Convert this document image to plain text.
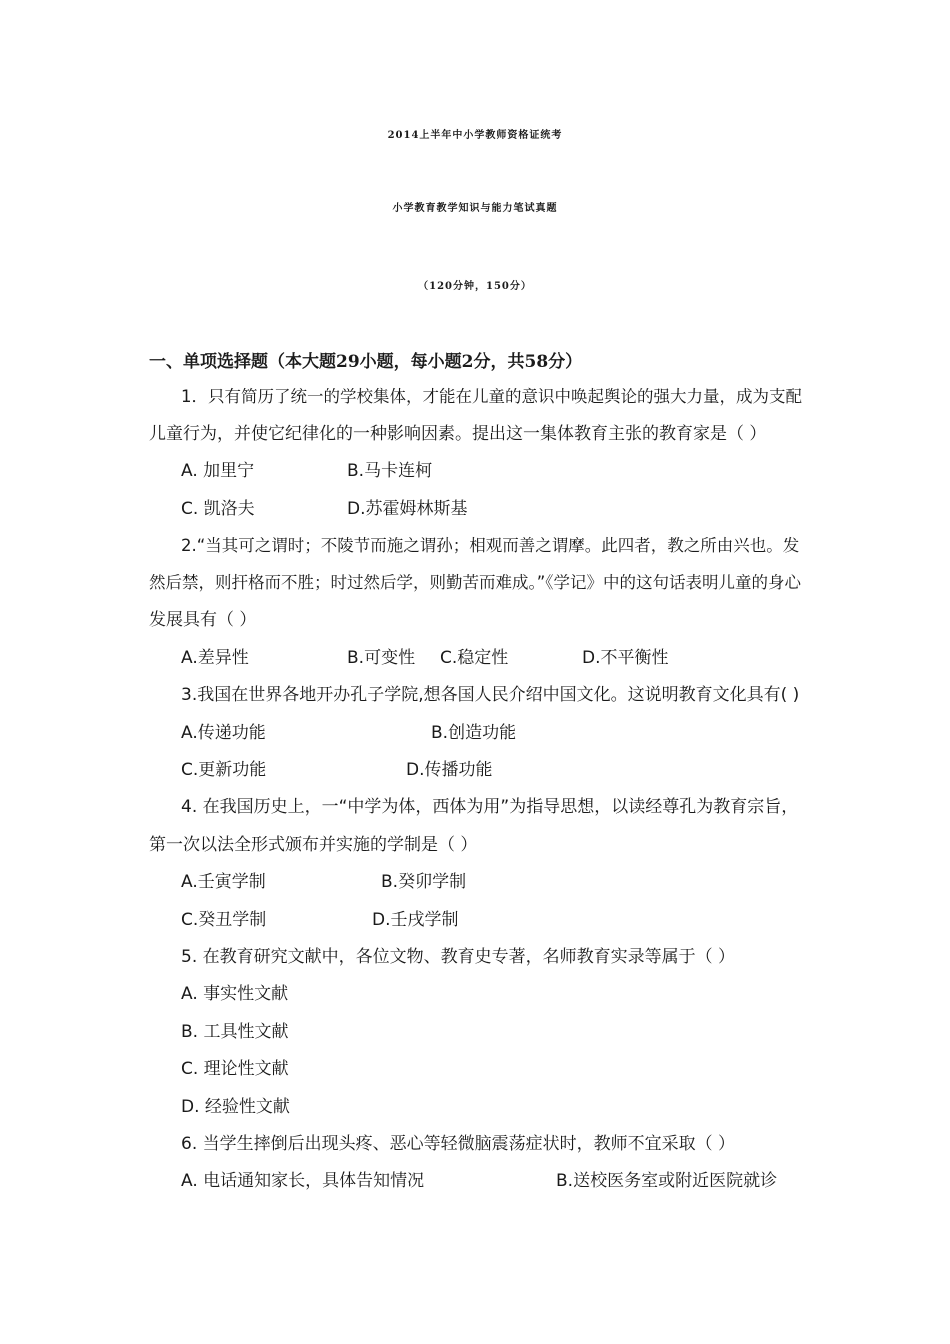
2014上半年中小学教师资格证统考
小学教育教学知识与能力笔试真题
（120分钟，150分）
一、单项选择题（本大题29小题，每小题2分，共58分）
1．只有简历了统一的学校集体，才能在儿童的意识中唤起舆论的强大力量，成为支配
儿童行为，并使它纪律化的一种影响因素。提出这一集体教育主张的教育家是（ ）
A. 加里宁	B.马卡连柯
C. 凯洛夫	D.苏霍姆林斯基
2.“当其可之谓时；不陵节而施之谓孙；相观而善之谓摩。此四者，教之所由兴也。发
然后禁，则扞格而不胜；时过然后学，则勤苦而难成。”《学记》中的这句话表明儿童的身心
发展具有（ ）
A.差异性	B.可变性 C.稳定性	D.不平衡性
3.我国在世界各地开办孔子学院,想各国人民介绍中国文化。这说明教育文化具有( )
A.传递功能	B.创造功能
C.更新功能	D.传播功能
4. 在我国历史上，一“中学为体，西体为用”为指导思想，以读经尊孔为教育宗旨，
第一次以法全形式颁布并实施的学制是（ ）
A.壬寅学制	B.癸卯学制
C.癸丑学制	D.壬戌学制
5. 在教育研究文献中，各位文物、教育史专著，名师教育实录等属于（ ）
A. 事实性文献
B. 工具性文献
C. 理论性文献
D. 经验性文献
6. 当学生摔倒后出现头疼、恶心等轻微脑震荡症状时，教师不宜采取（ ）
A. 电话通知家长，具体告知情况	B.送校医务室或附近医院就诊
